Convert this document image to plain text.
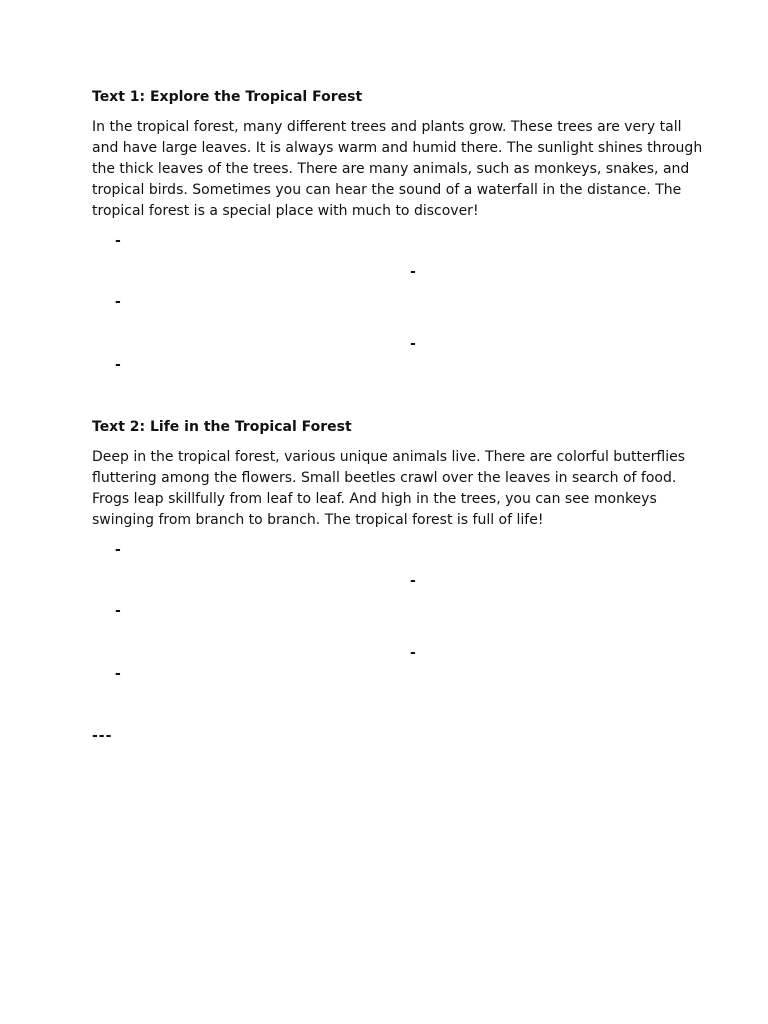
Text 1: Explore the Tropical Forest
In the tropical forest, many different trees and plants grow. These trees are very tall
and have large leaves. It is always warm and humid there. The sunlight shines through
the thick leaves of the trees. There are many animals, such as monkeys, snakes, and
tropical birds. Sometimes you can hear the sound of a waterfall in the distance. The
tropical forest is a special place with much to discover!
-
-
-
-
-
Text 2: Life in the Tropical Forest
Deep in the tropical forest, various unique animals live. There are colorful butterflies
fluttering among the flowers. Small beetles crawl over the leaves in search of food.
Frogs leap skillfully from leaf to leaf. And high in the trees, you can see monkeys
swinging from branch to branch. The tropical forest is full of life!
-
-
-
-
-
---
